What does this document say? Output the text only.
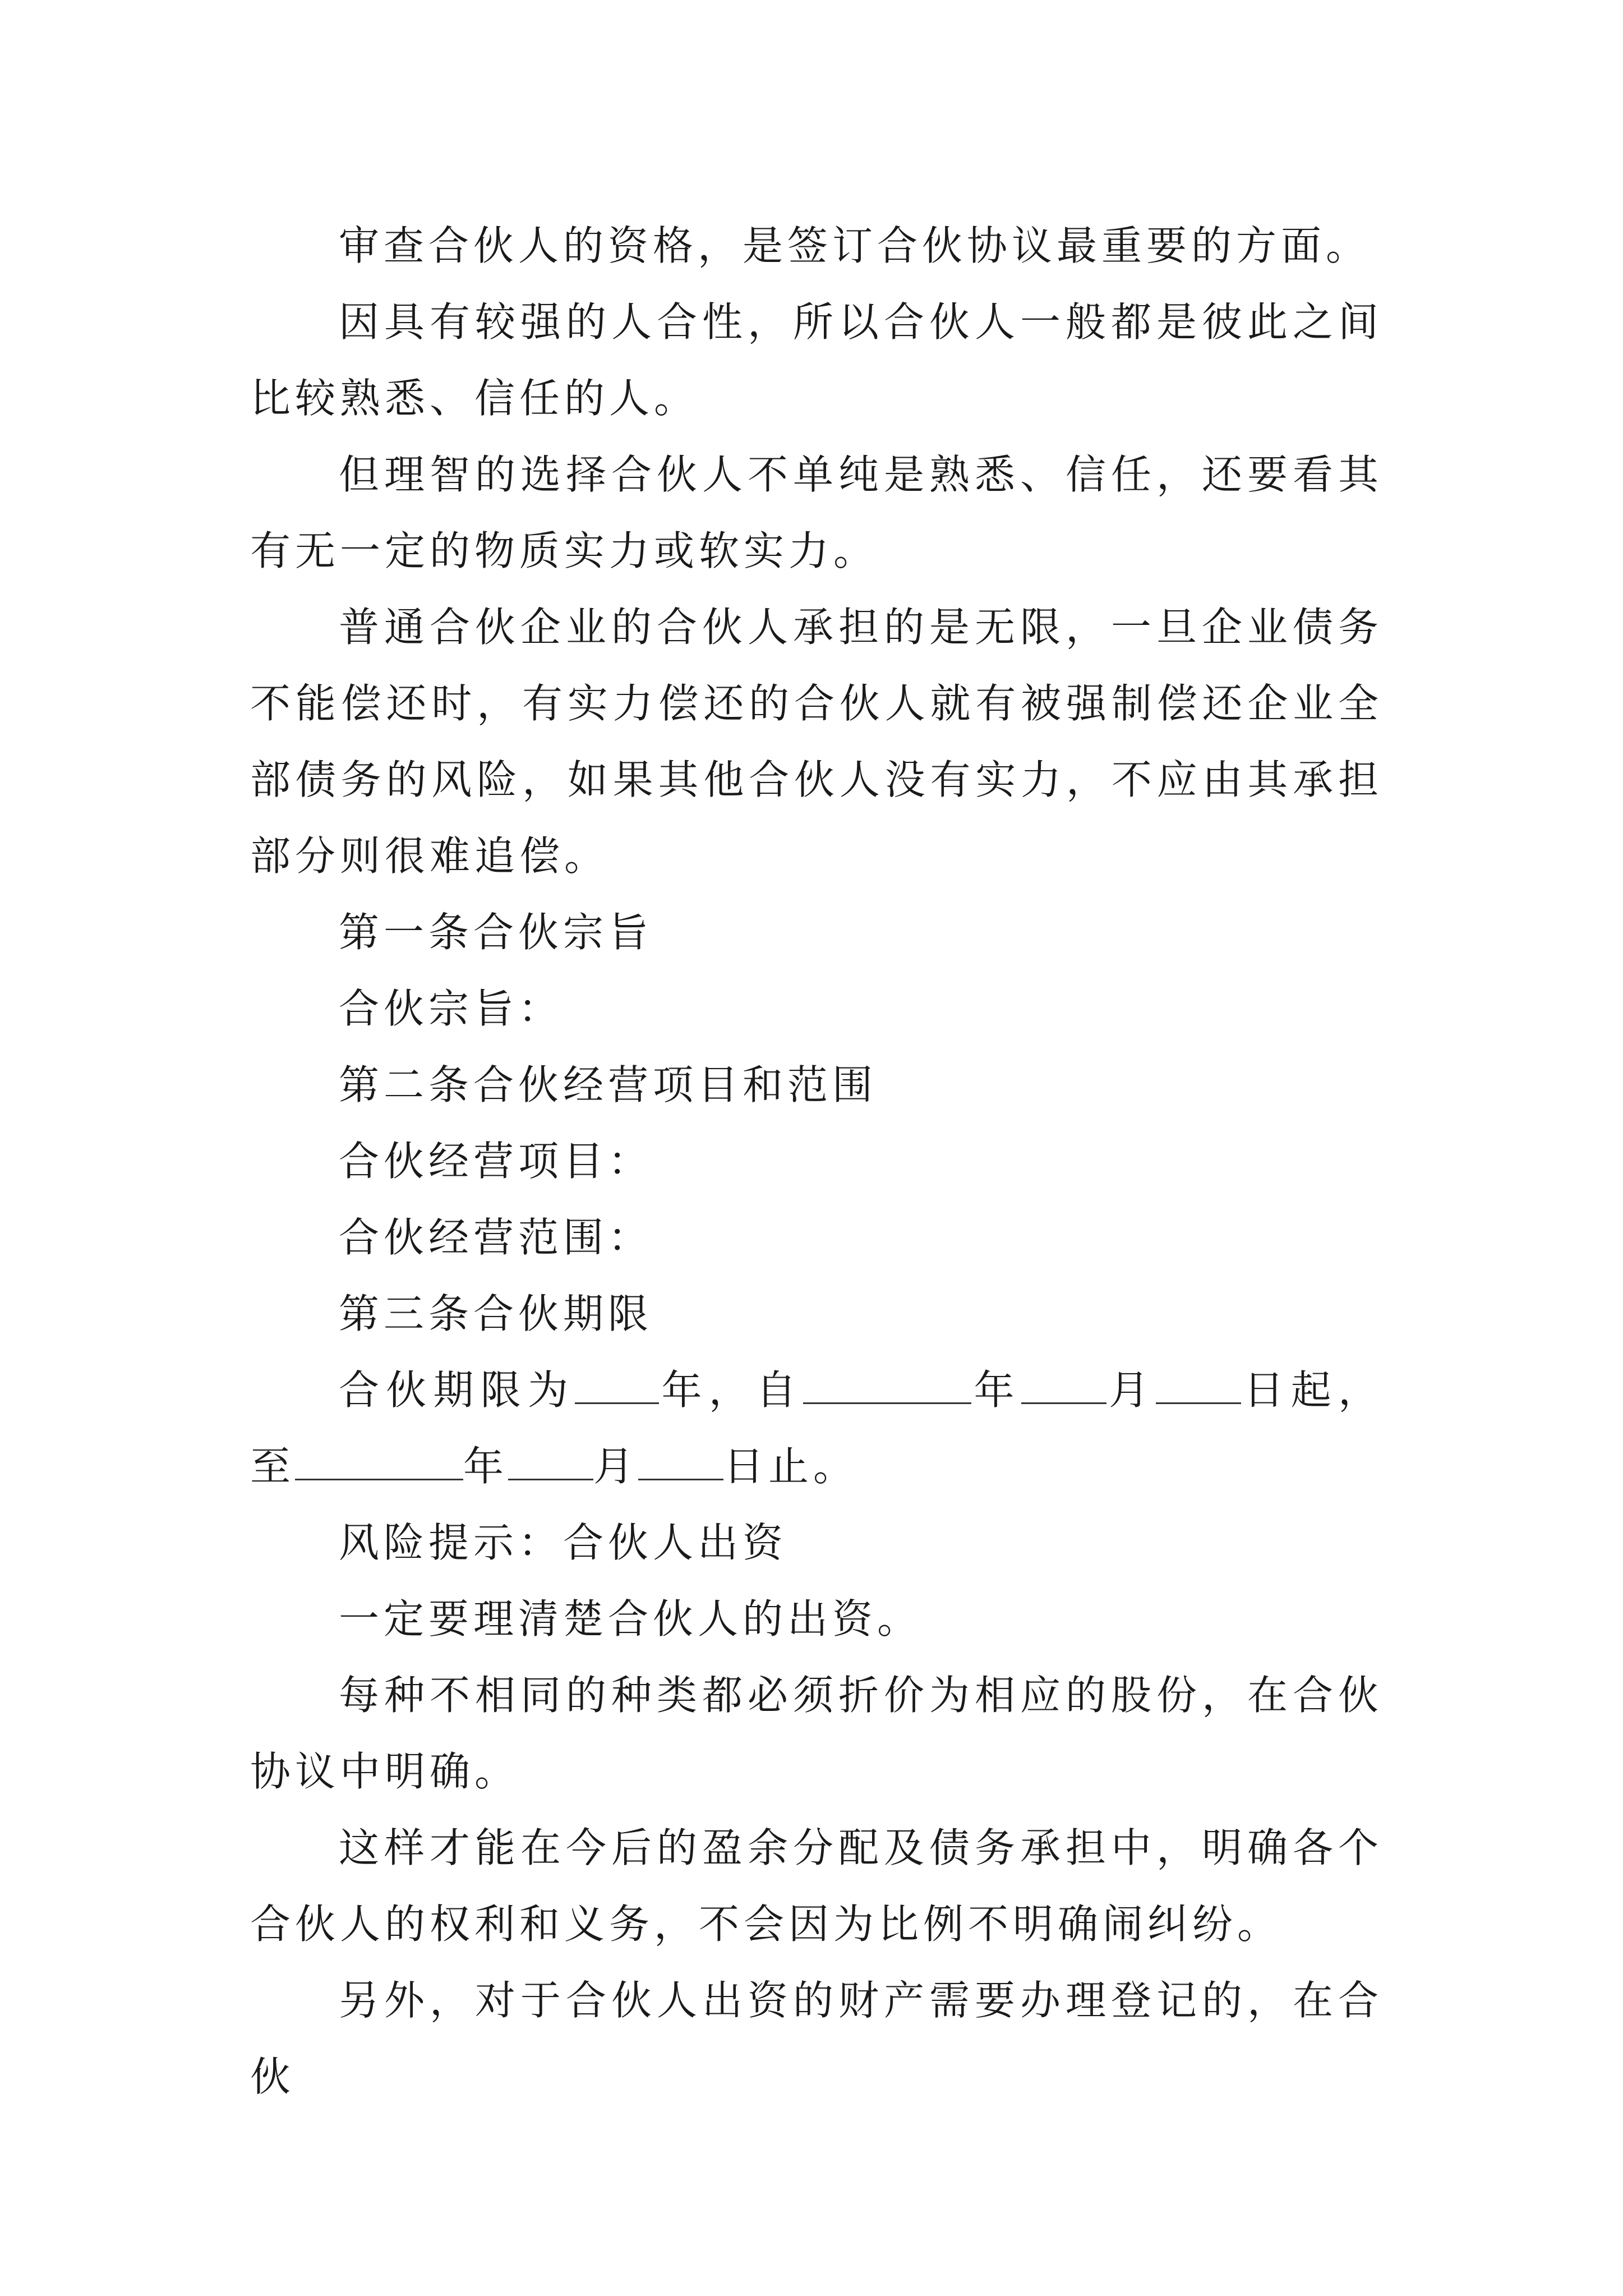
审查合伙人的资格，是签订合伙协议最重要的方面。

因具有较强的人合性，所以合伙人一般都是彼此之间比较熟悉、信任的人。

但理智的选择合伙人不单纯是熟悉、信任，还要看其有无一定的物质实力或软实力。

普通合伙企业的合伙人承担的是无限，一旦企业债务不能偿还时，有实力偿还的合伙人就有被强制偿还企业全部债务的风险，如果其他合伙人没有实力，不应由其承担部分则很难追偿。

第一条合伙宗旨

合伙宗旨：

第二条合伙经营项目和范围

合伙经营项目：

合伙经营范围：

第三条合伙期限

合伙期限为 年，自	年 月 日起，至	年 月 日止。

风险提示：合伙人出资

一定要理清楚合伙人的出资。

每种不相同的种类都必须折价为相应的股份，在合伙协议中明确。

这样才能在今后的盈余分配及债务承担中，明确各个合伙人的权利和义务，不会因为比例不明确闹纠纷。

另外，对于合伙人出资的财产需要办理登记的，在合伙
